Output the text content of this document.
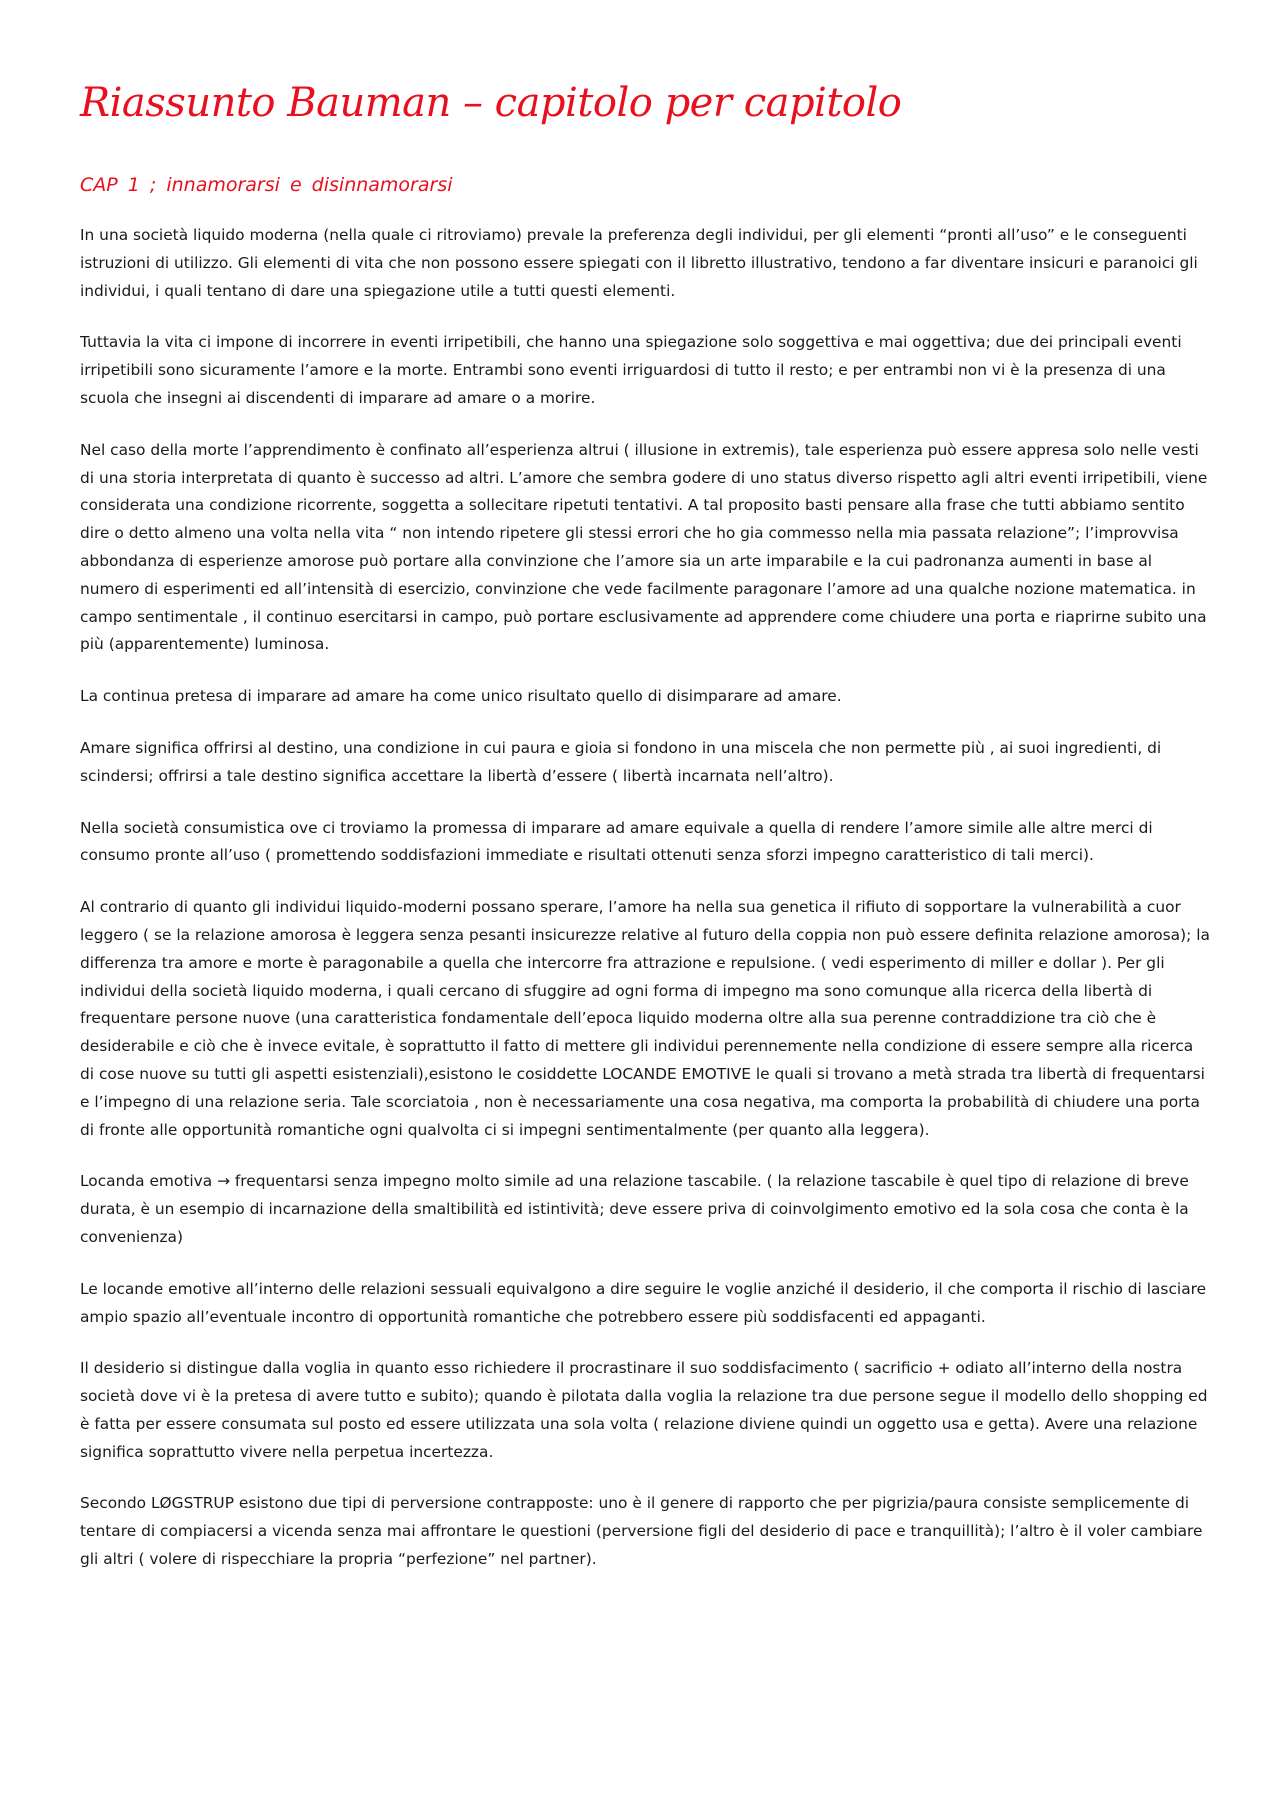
Riassunto Bauman – capitolo per capitolo
CAP 1 ; innamorarsi e disinnamorarsi

In una società liquido moderna (nella quale ci ritroviamo) prevale la preferenza degli individui, per gli elementi “pronti all’uso” e le conseguenti istruzioni di utilizzo. Gli elementi di vita che non possono essere spiegati con il libretto illustrativo, tendono a far diventare insicuri e paranoici gli individui, i quali tentano di dare una spiegazione utile a tutti questi elementi.

Tuttavia la vita ci impone di incorrere in eventi irripetibili, che hanno una spiegazione solo soggettiva e mai oggettiva; due dei principali eventi irripetibili sono sicuramente l’amore e la morte. Entrambi sono eventi irriguardosi di tutto il resto; e per entrambi non vi è la presenza di una scuola che insegni ai discendenti di imparare ad amare o a morire.

Nel caso della morte l’apprendimento è confinato all’esperienza altrui ( illusione in extremis), tale esperienza può essere appresa solo nelle vesti di una storia interpretata di quanto è successo ad altri. L’amore che sembra godere di uno status diverso rispetto agli altri eventi irripetibili, viene considerata una condizione ricorrente, soggetta a sollecitare ripetuti tentativi. A tal proposito basti pensare alla frase che tutti abbiamo sentito dire o detto almeno una volta nella vita “ non intendo ripetere gli stessi errori che ho gia commesso nella mia passata relazione”; l’improvvisa abbondanza di esperienze amorose può portare alla convinzione che l’amore sia un arte imparabile e la cui padronanza aumenti in base al numero di esperimenti ed all’intensità di esercizio, convinzione che vede facilmente paragonare l’amore ad una qualche nozione matematica. in campo sentimentale , il continuo esercitarsi in campo, può portare esclusivamente ad apprendere come chiudere una porta e riaprirne subito una più (apparentemente) luminosa.

La continua pretesa di imparare ad amare ha come unico risultato quello di disimparare ad amare.

Amare significa offrirsi al destino, una condizione in cui paura e gioia si fondono in una miscela che non permette più , ai suoi ingredienti, di scindersi; offrirsi a tale destino significa accettare la libertà d’essere ( libertà incarnata nell’altro).

Nella società consumistica ove ci troviamo la promessa di imparare ad amare equivale a quella di rendere l’amore simile alle altre merci di consumo pronte all’uso ( promettendo soddisfazioni immediate e risultati ottenuti senza sforzi impegno caratteristico di tali merci).

Al contrario di quanto gli individui liquido-moderni possano sperare, l’amore ha nella sua genetica il rifiuto di sopportare la vulnerabilità a cuor leggero ( se la relazione amorosa è leggera senza pesanti insicurezze relative al futuro della coppia non può essere definita relazione amorosa); la differenza tra amore e morte è paragonabile a quella che intercorre fra attrazione e repulsione. ( vedi esperimento di miller e dollar ). Per gli individui della società liquido moderna, i quali cercano di sfuggire ad ogni forma di impegno ma sono comunque alla ricerca della libertà di frequentare persone nuove (una caratteristica fondamentale dell’epoca liquido moderna oltre alla sua perenne contraddizione tra ciò che è desiderabile e ciò che è invece evitale, è soprattutto il fatto di mettere gli individui perennemente nella condizione di essere sempre alla ricerca di cose nuove su tutti gli aspetti esistenziali),esistono le cosiddette LOCANDE EMOTIVE le quali si trovano a metà strada tra libertà di frequentarsi e l’impegno di una relazione seria. Tale scorciatoia , non è necessariamente una cosa negativa, ma comporta la probabilità di chiudere una porta di fronte alle opportunità romantiche ogni qualvolta ci si impegni sentimentalmente (per quanto alla leggera).

Locanda emotiva → frequentarsi senza impegno molto simile ad una relazione tascabile. ( la relazione tascabile è quel tipo di relazione di breve durata, è un esempio di incarnazione della smaltibilità ed istintività; deve essere priva di coinvolgimento emotivo ed la sola cosa che conta è la convenienza)

Le locande emotive all’interno delle relazioni sessuali equivalgono a dire seguire le voglie anziché il desiderio, il che comporta il rischio di lasciare ampio spazio all’eventuale incontro di opportunità romantiche che potrebbero essere più soddisfacenti ed appaganti.

Il desiderio si distingue dalla voglia in quanto esso richiedere il procrastinare il suo soddisfacimento ( sacrificio + odiato all’interno della nostra società dove vi è la pretesa di avere tutto e subito); quando è pilotata dalla voglia la relazione tra due persone segue il modello dello shopping ed è fatta per essere consumata sul posto ed essere utilizzata una sola volta ( relazione diviene quindi un oggetto usa e getta). Avere una relazione significa soprattutto vivere nella perpetua incertezza.

Secondo LØGSTRUP esistono due tipi di perversione contrapposte: uno è il genere di rapporto che per pigrizia/paura consiste semplicemente di tentare di compiacersi a vicenda senza mai affrontare le questioni (perversione figli del desiderio di pace e tranquillità); l’altro è il voler cambiare gli altri ( volere di rispecchiare la propria “perfezione” nel partner).
